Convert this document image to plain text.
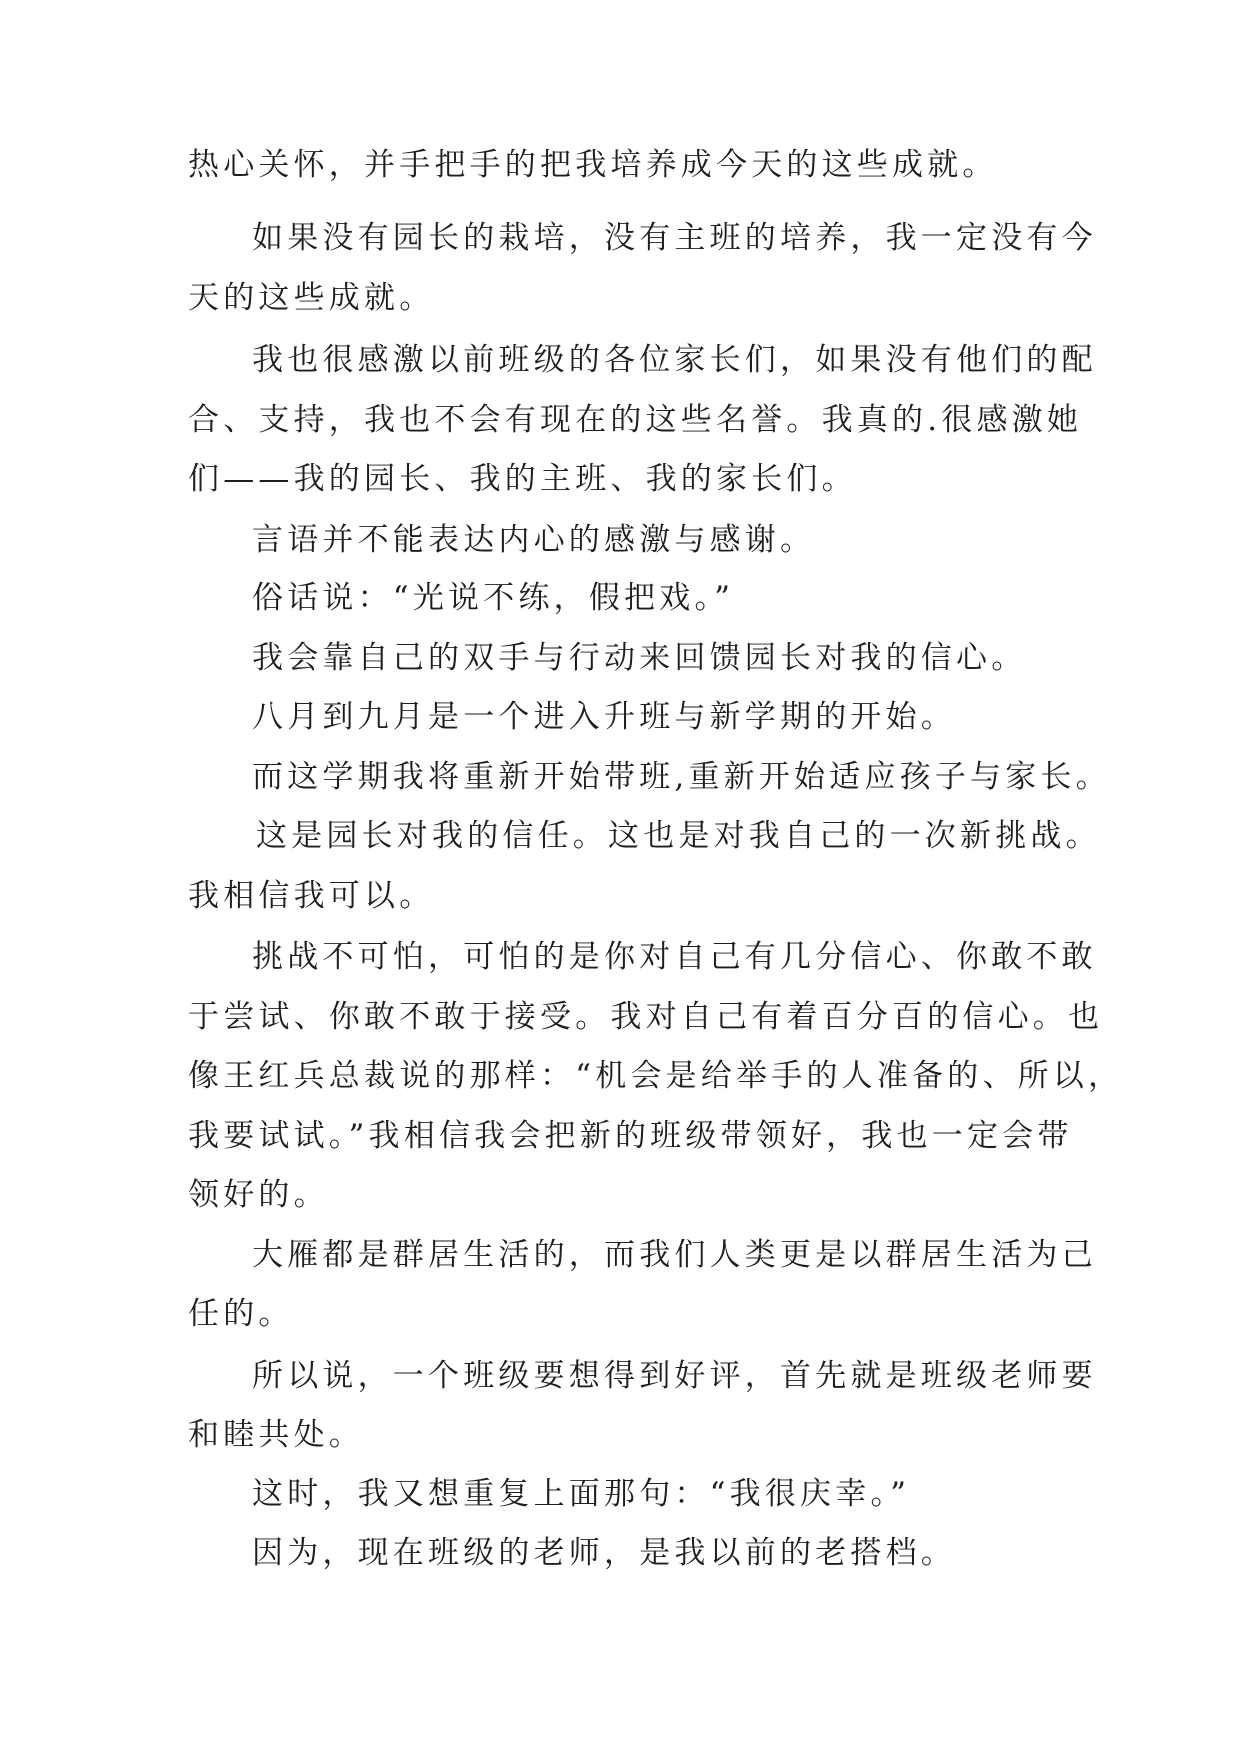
热心关怀，并手把手的把我培养成今天的这些成就。
如果没有园长的栽培，没有主班的培养，我一定没有今
天的这些成就。
我也很感激以前班级的各位家长们，如果没有他们的配
合、支持，我也不会有现在的这些名誉。我真的.很感激她
们——我的园长、我的主班、我的家长们。
言语并不能表达内心的感激与感谢。
俗话说：“光说不练，假把戏。”
我会靠自己的双手与行动来回馈园长对我的信心。
八月到九月是一个进入升班与新学期的开始。
而这学期我将重新开始带班,重新开始适应孩子与家长。
这是园长对我的信任。这也是对我自己的一次新挑战。
我相信我可以。
挑战不可怕，可怕的是你对自己有几分信心、你敢不敢
于尝试、你敢不敢于接受。我对自己有着百分百的信心。也
像王红兵总裁说的那样：“机会是给举手的人准备的、所以，
我要试试。”我相信我会把新的班级带领好，我也一定会带
领好的。
大雁都是群居生活的，而我们人类更是以群居生活为己
任的。
所以说，一个班级要想得到好评，首先就是班级老师要
和睦共处。
这时，我又想重复上面那句：“我很庆幸。”
因为，现在班级的老师，是我以前的老搭档。
